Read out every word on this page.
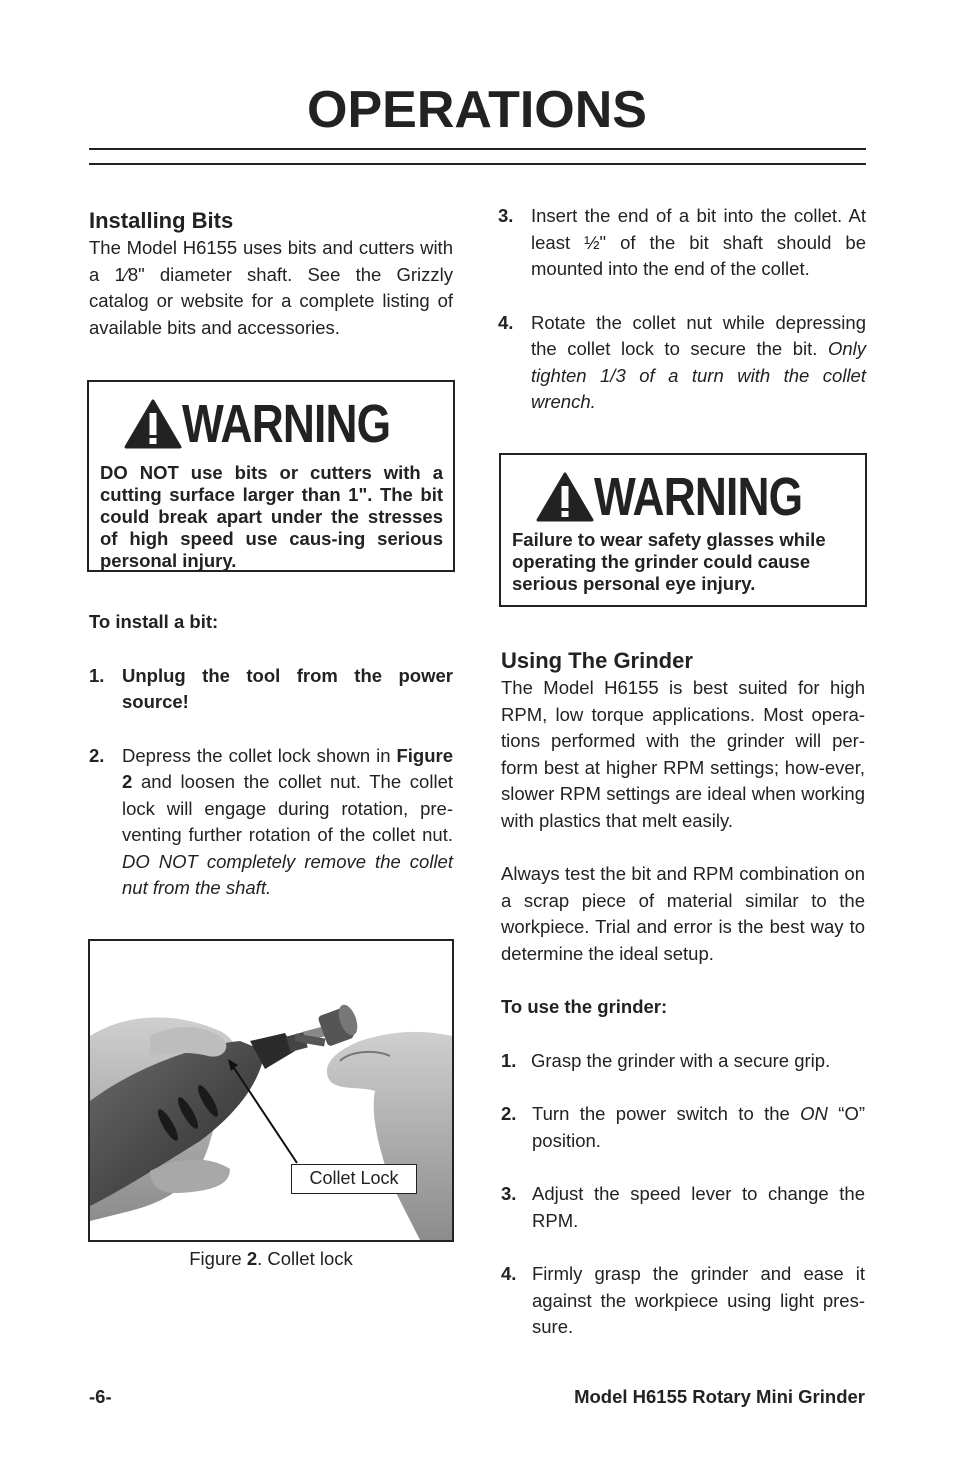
OPERATIONS
Installing Bits
The Model H6155 uses bits and cutters with a 1⁄8" diameter shaft. See the Grizzly catalog or website for a complete listing of available bits and accessories.
WARNING
DO NOT use bits or cutters with a cutting surface larger than 1". The bit could break apart under the stresses of high speed use caus-ing serious personal injury.
To install a bit:
1. Unplug the tool from the power source!
2. Depress the collet lock shown in Figure 2 and loosen the collet nut. The collet lock will engage during rotation, pre-venting further rotation of the collet nut. DO NOT completely remove the collet nut from the shaft.
Collet Lock
Figure 2. Collet lock
3. Insert the end of a bit into the collet. At least ½" of the bit shaft should be mounted into the end of the collet.
4. Rotate the collet nut while depressing the collet lock to secure the bit. Only tighten 1/3 of a turn with the collet wrench.
WARNING
Failure to wear safety glasses while operating the grinder could cause serious personal eye injury.
Using The Grinder
The Model H6155 is best suited for high RPM, low torque applications. Most opera-tions performed with the grinder will per-form best at higher RPM settings; how-ever, slower RPM settings are ideal when working with plastics that melt easily.
Always test the bit and RPM combination on a scrap piece of material similar to the workpiece. Trial and error is the best way to determine the ideal setup.
To use the grinder:
1. Grasp the grinder with a secure grip.
2. Turn the power switch to the ON “O” position.
3. Adjust the speed lever to change the RPM.
4. Firmly grasp the grinder and ease it against the workpiece using light pres-sure.
-6-	Model H6155 Rotary Mini Grinder
